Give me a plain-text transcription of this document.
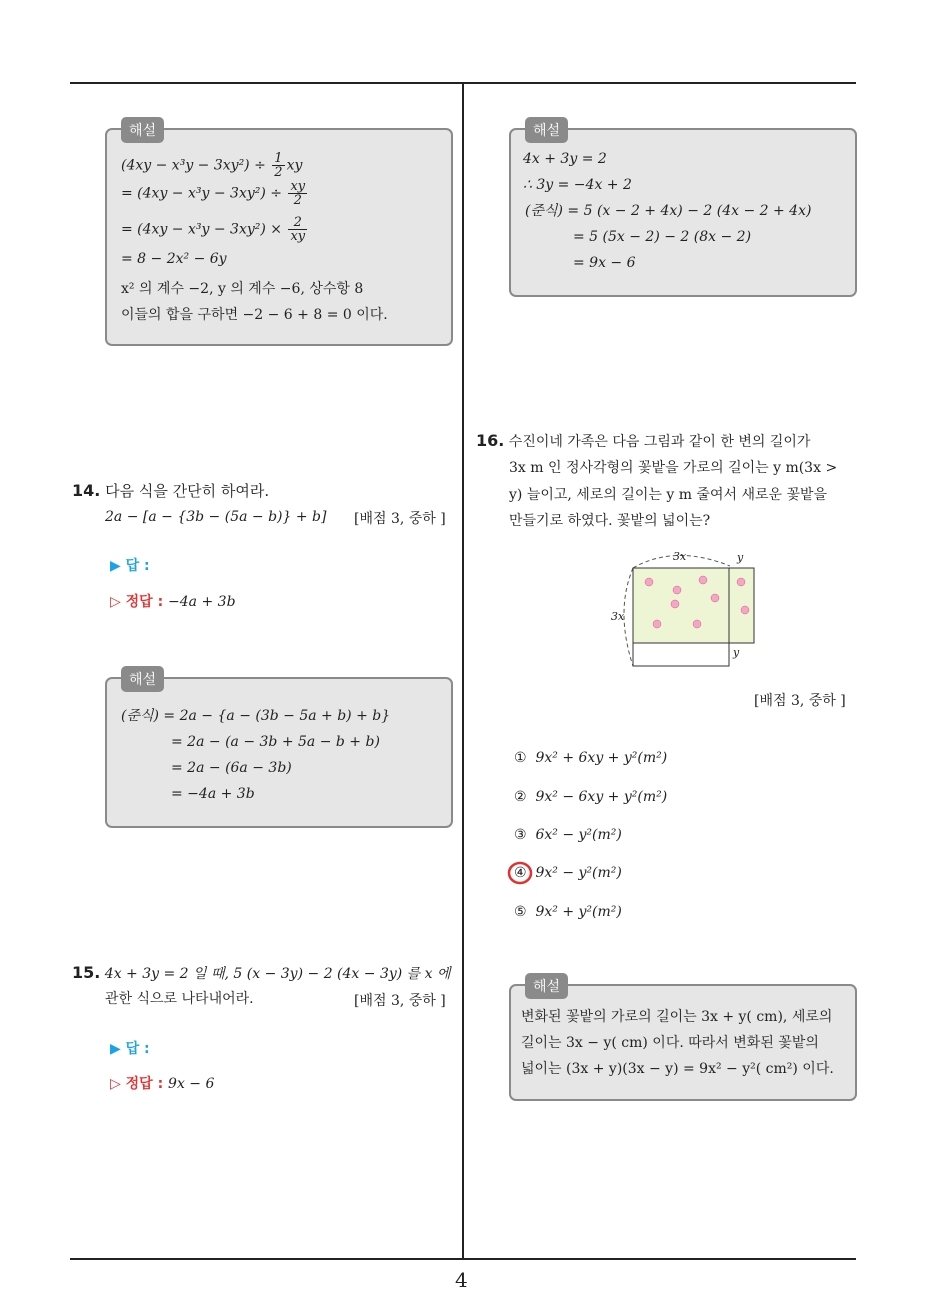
4
해설
$(4xy - x^3y - 3xy^2) \div \frac{1}{2}$ xy
= $(4xy - x^3y - 3xy^2) \div \frac{xy}{2}$
= $(4xy - x^3y - 3xy^2) \times \frac{2}{xy}$
= 8 − 2x² − 6y
x² 의 계수 −2, y 의 계수 −6, 상수항 8
이들의 합을 구하면 −2 − 6 + 8 = 0 이다.
14. 다음 식을 간단히 하여라.
2a − [a − {3b − (5a − b)} + b] [배점 3, 중하 ]
▶ 답 :
▷ 정답 : −4a + 3b
해설
(준식) = 2a − {a − (3b − 5a + b) + b}
= 2a − (a − 3b + 5a − b + b)
= 2a − (6a − 3b)
= −4a + 3b
15. 4x + 3y = 2 일 때, 5 (x − 3y) − 2 (4x − 3y) 를 x 에
관한 식으로 나타내어라.	[배점 3, 중하 ]
▶ 답 :
▷ 정답 : 9x − 6
해설
4x + 3y = 2
∴ 3y = −4x + 2
(준식) = 5 (x − 2 + 4x) − 2 (4x − 2 + 4x)
= 5 (5x − 2) − 2 (8x − 2)
= 9x − 6
16. 수진이네 가족은 다음 그림과 같이 한 변의 길이가
3x m 인 정사각형의 꽃밭을 가로의 길이는 y m(3x >
y) 늘이고, 세로의 길이는 y m 줄여서 새로운 꽃밭을
만들기로 하였다. 꽃밭의 넓이는?
3x	y
3x
y
[배점 3, 중하 ]
① 9x² + 6xy + y²(m²)
② 9x² − 6xy + y²(m²)
③ 6x² − y²(m²)
④ 9x² − y²(m²)
⑤ 9x² + y²(m²)
해설
변화된 꽃밭의 가로의 길이는 3x + y( cm), 세로의
길이는 3x − y( cm) 이다. 따라서 변화된 꽃밭의
넓이는 (3x + y)(3x − y) = 9x² − y²( cm²) 이다.
